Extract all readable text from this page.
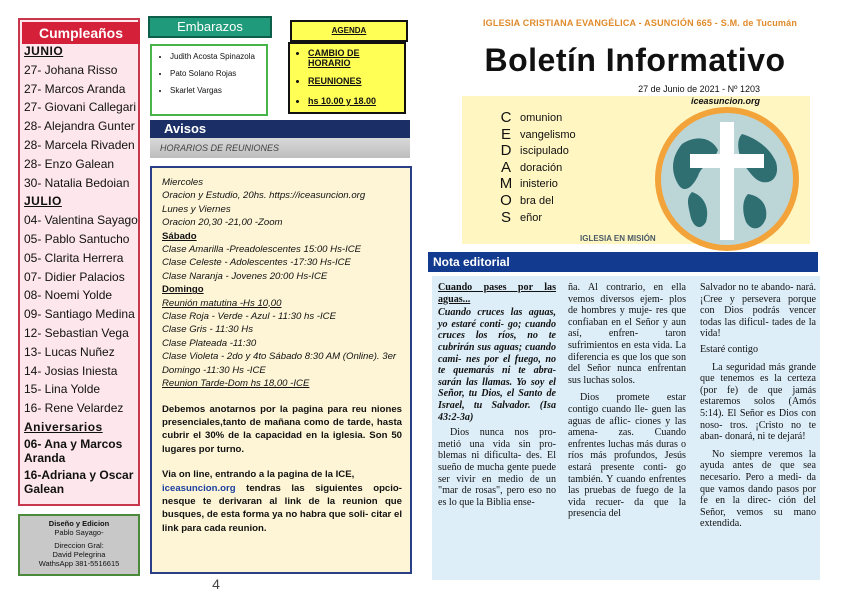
Cumpleaños
JUNIO
27- Johana Risso
27- Marcos Aranda
27- Giovani Callegari
28- Alejandra Gunter
28- Marcela Rivaden
28- Enzo Galean
30- Natalia Bedoian
JULIO
04- Valentina Sayago
05- Pablo Santucho
05- Clarita Herrera
07- Didier Palacios
08- Noemi Yolde
09- Santiago Medina
12- Sebastian Vega
13- Lucas Nuñez
14- Josias Iniesta
15- Lina Yolde
16- Rene Velardez
Aniversarios
06- Ana y Marcos Aranda
16-Adriana y Oscar Galean
Diseño y Edicion
Pablo Sayago-
Direccion Gral:
David Pelegrina
WathsApp 381-5516615
Embarazos
• Judith Acosta Spinazola
• Pato Solano Rojas
• Skarlet Vargas
AGENDA
• CAMBIO DE HORARIO
• REUNIONES
• hs 10.00 y 18.00
Avisos
HORARIOS DE REUNIONES
Miercoles
Oracion y Estudio, 20hs. https://iceasuncion.org
Lunes y Viernes
Oracion 20,30 -21,00 -Zoom
Sábado
Clase Amarilla -Preadolescentes 15:00 Hs-ICE
Clase Celeste - Adolescentes -17:30 Hs-ICE
Clase Naranja - Jovenes 20:00 Hs-ICE
Domingo
Reunión matutina -Hs 10,00
Clase Roja - Verde - Azul - 11:30 hs -ICE
Clase Gris - 11:30 Hs
Clase Plateada -11:30
Clase Violeta - 2do y 4to Sábado 8:30 AM (Online). 3er Domingo -11:30 Hs -ICE
Reunion Tarde-Dom hs 18,00 -ICE

Debemos anotarnos por la pagina para reu niones presenciales,tanto de mañana como de tarde, hasta cubrir el 30% de la capacidad en la iglesia. Son 50 lugares por turno.

Via on line, entrando a la pagina de la ICE,
iceasuncion.org tendras las siguientes opcio- nesque te derivaran al link de la reunion que busques, de esta forma ya no habra que soli- citar el link para cada reunion.

IGLESIA CRISTIANA EVANGÉLICA - ASUNCIÓN 665 - S.M. de Tucumán
Boletín Informativo
27 de Junio de 2021 - Nº 1203
iceasuncion.org
C
E
D
A
M
O
S
omunion
vangelismo
iscipulado
doración
inisterio
bra del
eñor
IGLESIA EN MISIÓN
Nota editorial

Cuando pases por las aguas...

Cuando cruces las aguas, yo estaré conti- go; cuando cruces los ríos, no te cubrirán sus aguas; cuando cami- nes por el fuego, no te quemarás ni te abra- sarán las llamas. Yo soy el Señor, tu Dios, el Santo de Israel, tu Salvador. (Isa 43:2-3a)

Dios nunca nos pro- metió una vida sin pro- blemas ni dificulta- des. El sueño de mucha gente puede ser vivir en medio de un "mar de rosas", pero eso no es lo que la Biblia ense-

ña. Al contrario, en ella vemos diversos ejem- plos de hombres y muje- res que confiaban en el Señor y aun así, enfren- taron sufrimientos en esta vida. La diferencia es que los que son del Señor nunca enfrentan sus luchas solos.

Dios promete estar contigo cuando lle- guen las aguas de aflic- ciones y las amena- zas. Cuando enfrentes luchas más duras o ríos más profundos, Jesús estará presente conti- go también. Y cuando enfrentes las pruebas de fuego de la vida recuer- da que la presencia del

Salvador no te abando- nará. ¡Cree y persevera porque con Dios podrás vencer todas las dificul- tades de la vida!

Estaré contigo

La seguridad más grande que tenemos es la certeza (por fe) de que jamás estaremos solos (Amós 5:14). El Señor es Dios con noso- tros. ¡Cristo no te aban- donará, ni te dejará!

No siempre veremos la ayuda antes de que sea necesario. Pero a medi- da que vamos dando pasos por fe en la direc- ción del Señor, vemos su mano extendida.

4
